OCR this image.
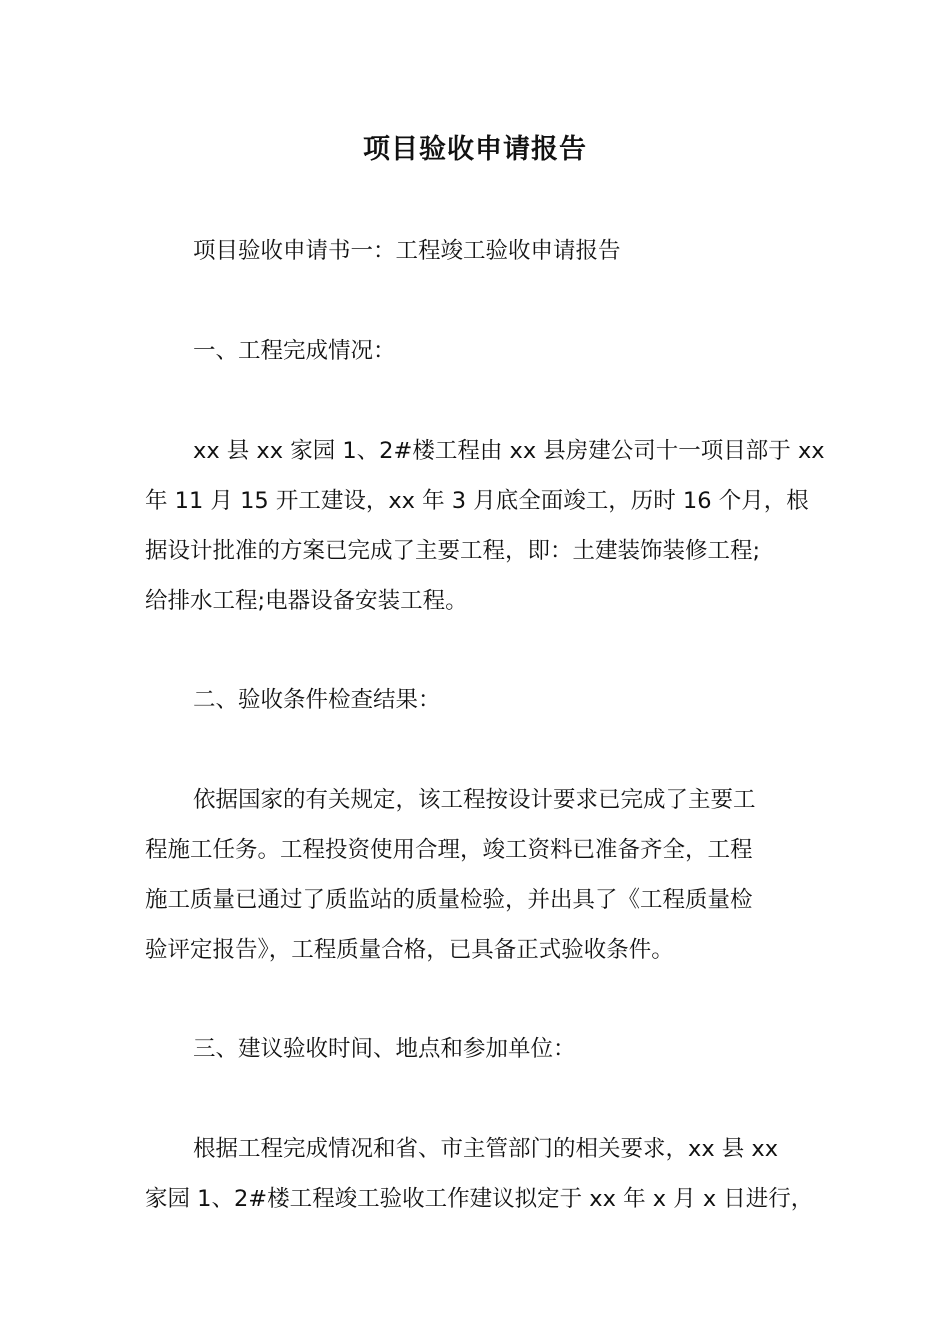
项目验收申请报告

项目验收申请书一：工程竣工验收申请报告

一、工程完成情况：

xx 县 xx 家园 1、2#楼工程由 xx 县房建公司十一项目部于 xx
年 11 月 15 开工建设，xx 年 3 月底全面竣工，历时 16 个月，根
据设计批准的方案已完成了主要工程，即：土建装饰装修工程;
给排水工程;电器设备安装工程。

二、验收条件检查结果：

依据国家的有关规定，该工程按设计要求已完成了主要工
程施工任务。工程投资使用合理，竣工资料已准备齐全，工程
施工质量已通过了质监站的质量检验，并出具了《工程质量检
验评定报告》，工程质量合格，已具备正式验收条件。

三、建议验收时间、地点和参加单位：

根据工程完成情况和省、市主管部门的相关要求，xx 县 xx
家园 1、2#楼工程竣工验收工作建议拟定于 xx 年 x 月 x 日进行，
